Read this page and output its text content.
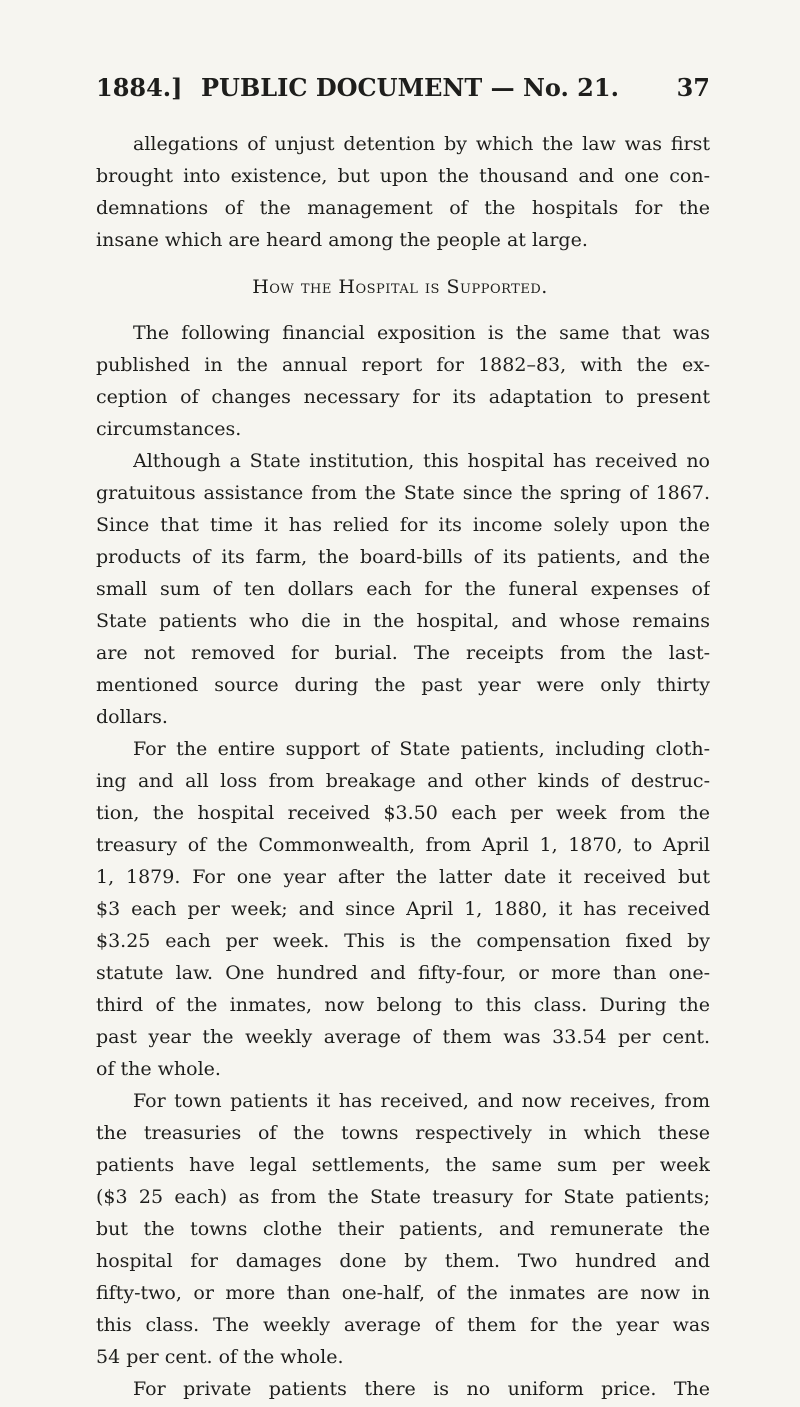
1884.] PUBLIC DOCUMENT — No. 21. 37
allegations of unjust detention by which the law was first
brought into existence, but upon the thousand and one con-
demnations of the management of the hospitals for the
insane which are heard among the people at large.
The following financial exposition is the same that was
published in the annual report for 1882–83, with the ex-
ception of changes necessary for its adaptation to present
circumstances.
Although a State institution, this hospital has received no
gratuitous assistance from the State since the spring of 1867.
Since that time it has relied for its income solely upon the
products of its farm, the board-bills of its patients, and the
small sum of ten dollars each for the funeral expenses of
State patients who die in the hospital, and whose remains
are not removed for burial. The receipts from the last-
mentioned source during the past year were only thirty
dollars.
For the entire support of State patients, including cloth-
ing and all loss from breakage and other kinds of destruc-
tion, the hospital received $3.50 each per week from the
treasury of the Commonwealth, from April 1, 1870, to April
1, 1879. For one year after the latter date it received but
$3 each per week; and since April 1, 1880, it has received
$3.25 each per week. This is the compensation fixed by
statute law. One hundred and fifty-four, or more than one-
third of the inmates, now belong to this class. During the
past year the weekly average of them was 33.54 per cent.
of the whole.
For town patients it has received, and now receives, from
the treasuries of the towns respectively in which these
patients have legal settlements, the same sum per week
($3 25 each) as from the State treasury for State patients;
but the towns clothe their patients, and remunerate the
hospital for damages done by them. Two hundred and
fifty-two, or more than one-half, of the inmates are now in
this class. The weekly average of them for the year was
54 per cent. of the whole.
For private patients there is no uniform price. The
How the Hospital is Supported.
